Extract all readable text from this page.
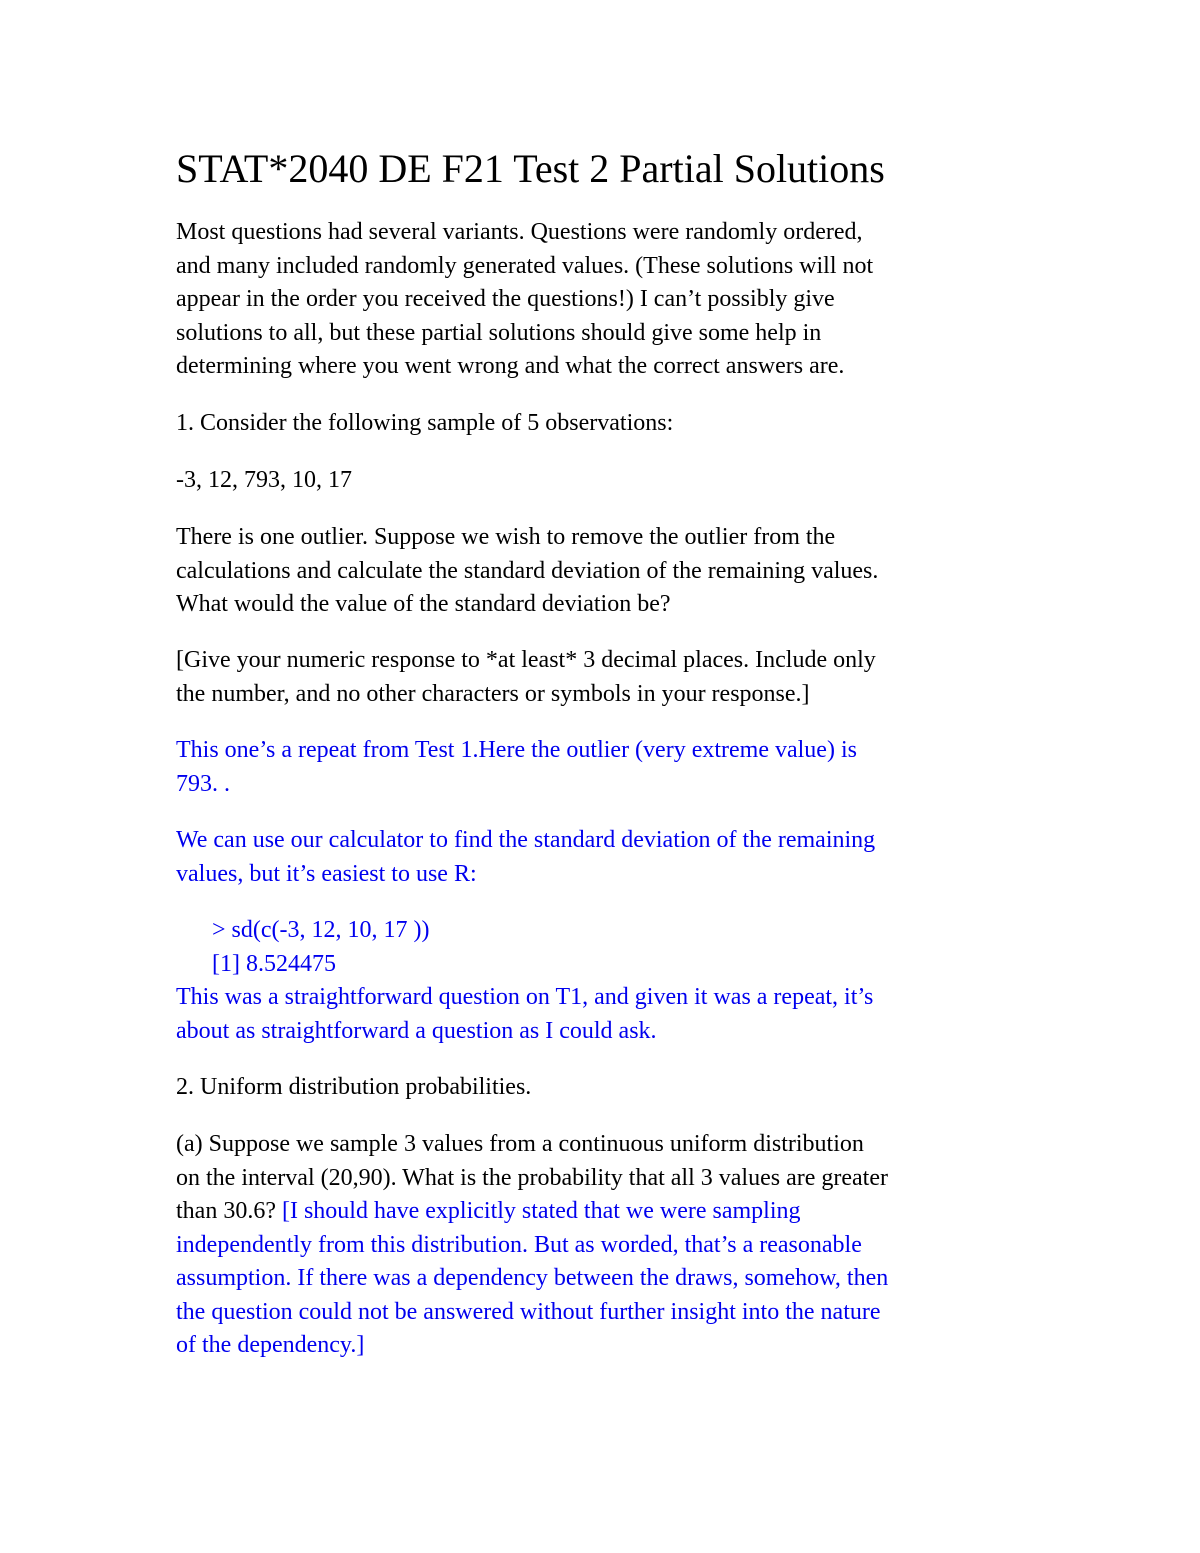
STAT*2040 DE F21 Test 2 Partial Solutions
Most questions had several variants. Questions were randomly ordered,
and many included randomly generated values. (These solutions will not
appear in the order you received the questions!) I can’t possibly give
solutions to all, but these partial solutions should give some help in
determining where you went wrong and what the correct answers are.
1. Consider the following sample of 5 observations:
-3, 12, 793, 10, 17
There is one outlier. Suppose we wish to remove the outlier from the
calculations and calculate the standard deviation of the remaining values.
What would the value of the standard deviation be?
[Give your numeric response to *at least* 3 decimal places. Include only
the number, and no other characters or symbols in your response.]
This one’s a repeat from Test 1.Here the outlier (very extreme value) is
793. .
We can use our calculator to find the standard deviation of the remaining
values, but it’s easiest to use R:
> sd(c(-3, 12, 10, 17 ))
[1] 8.524475
This was a straightforward question on T1, and given it was a repeat, it’s
about as straightforward a question as I could ask.
2. Uniform distribution probabilities.
(a) Suppose we sample 3 values from a continuous uniform distribution
on the interval (20,90). What is the probability that all 3 values are greater
than 30.6? [I should have explicitly stated that we were sampling
independently from this distribution. But as worded, that’s a reasonable
assumption. If there was a dependency between the draws, somehow, then
the question could not be answered without further insight into the nature
of the dependency.]
